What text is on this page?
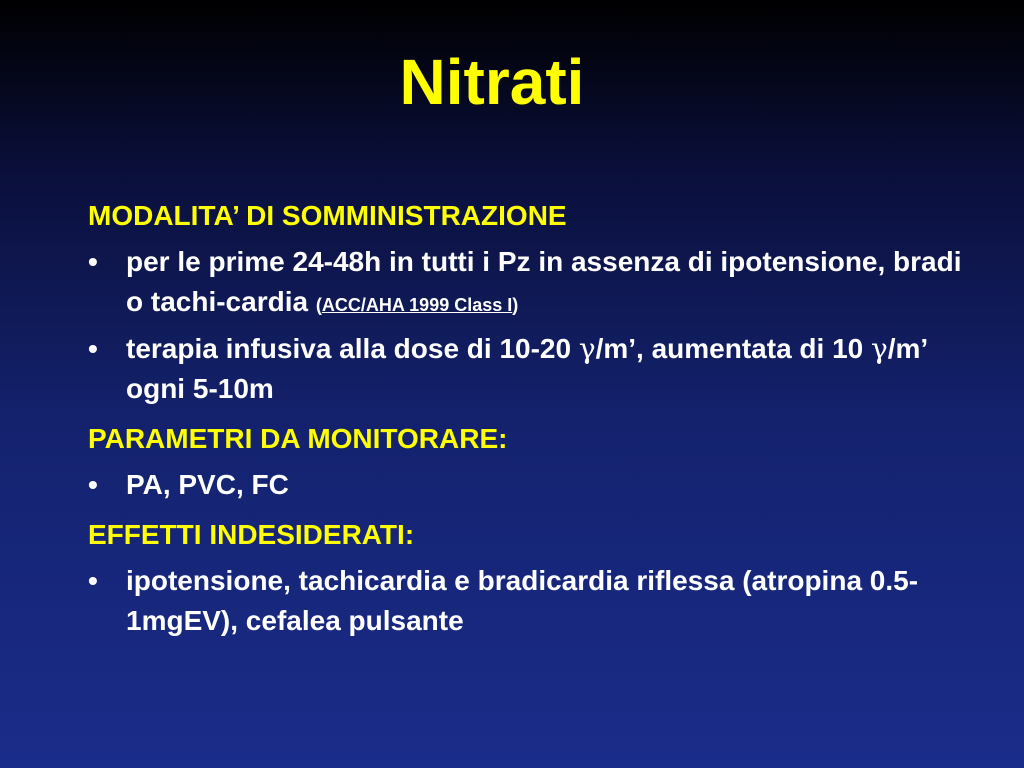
Nitrati
MODALITA’ DI SOMMINISTRAZIONE
•	per le prime 24-48h in tutti i Pz in assenza di ipotensione, bradi o tachi-cardia (ACC/AHA 1999 Class I)
•	terapia infusiva alla dose di 10-20 γ/m’, aumentata di 10 γ/m’ ogni 5-10m
PARAMETRI DA MONITORARE:
•	PA, PVC, FC
EFFETTI INDESIDERATI:
•	ipotensione, tachicardia e bradicardia riflessa (atropina 0.5-1mgEV), cefalea pulsante
